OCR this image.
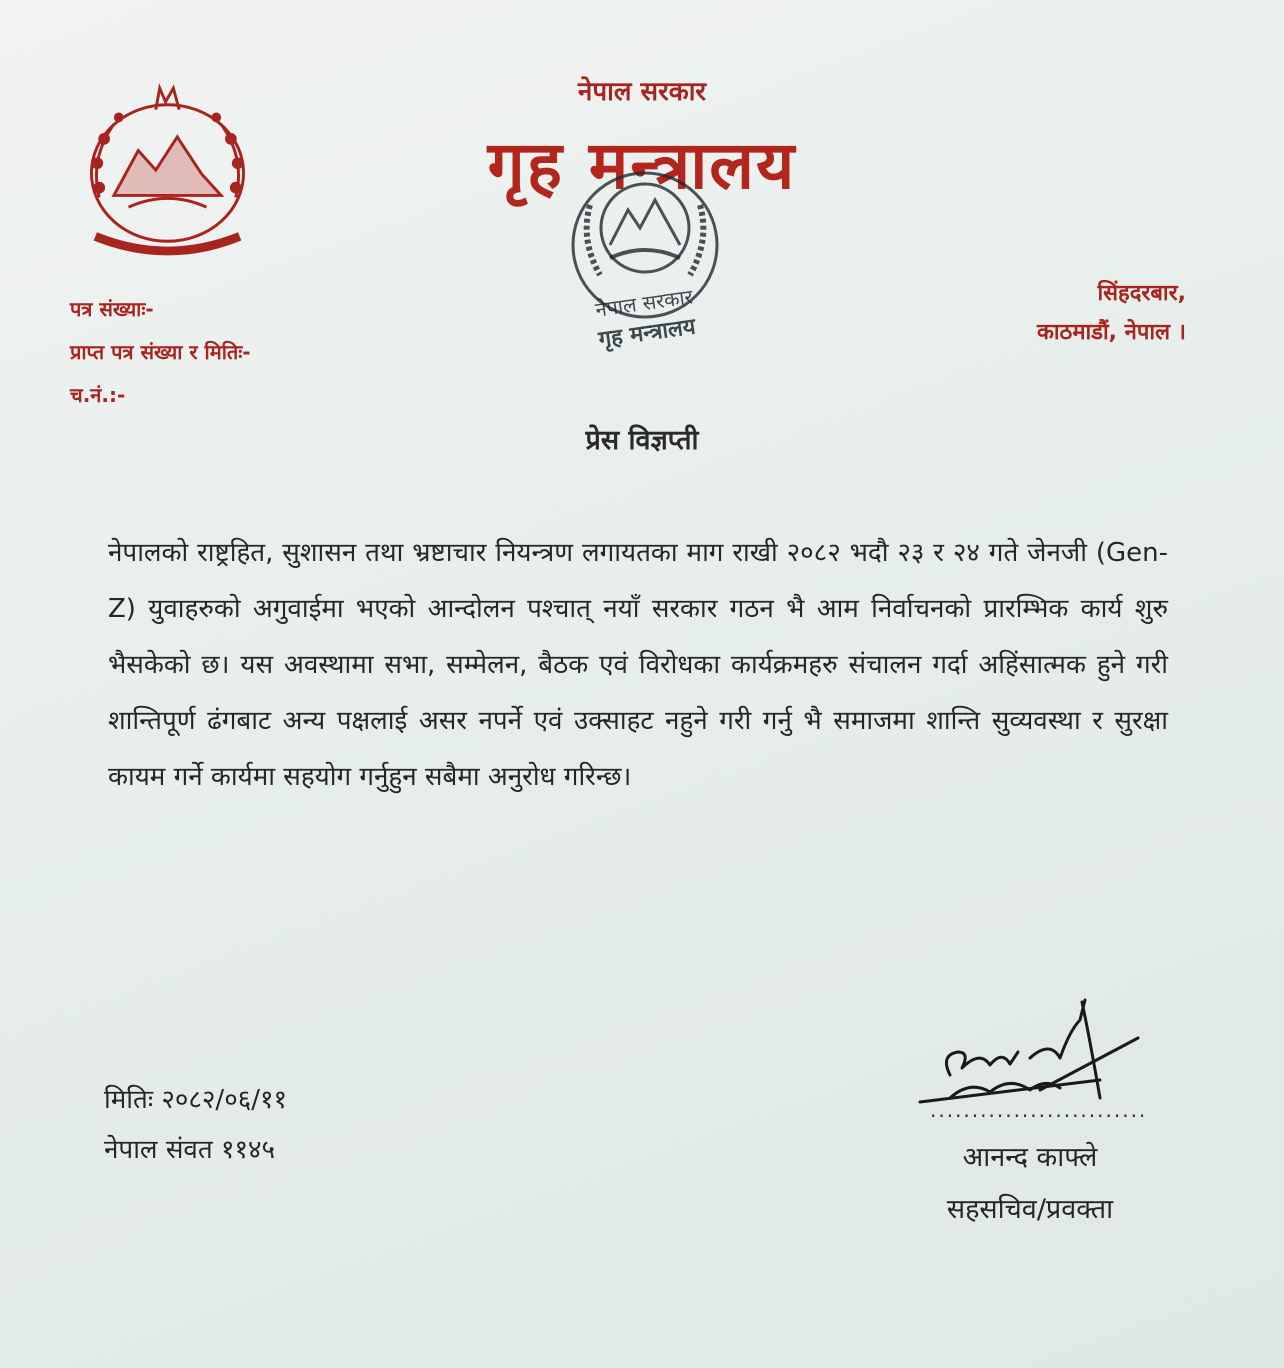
नेपाल सरकार
गृह मन्त्रालय
नेपाल सरकार
गृह मन्त्रालय
पत्र संख्याः-
प्राप्त पत्र संख्या र मितिः-
च.नं.:-
सिंहदरबार,
काठमाडौं, नेपाल ।
प्रेस विज्ञप्ती
नेपालको राष्ट्रहित, सुशासन तथा भ्रष्टाचार नियन्त्रण लगायतका माग राखी २०८२ भदौ २३ र २४ गते जेनजी (Gen-Z) युवाहरुको अगुवाईमा भएको आन्दोलन पश्चात् नयाँ सरकार गठन भै आम निर्वाचनको प्रारम्भिक कार्य शुरु भैसकेको छ। यस अवस्थामा सभा, सम्मेलन, बैठक एवं विरोधका कार्यक्रमहरु संचालन गर्दा अहिंसात्मक हुने गरी शान्तिपूर्ण ढंगबाट अन्य पक्षलाई असर नपर्ने एवं उक्साहट नहुने गरी गर्नु भै समाजमा शान्ति सुव्यवस्था र सुरक्षा कायम गर्ने कार्यमा सहयोग गर्नुहुन सबैमा अनुरोध गरिन्छ।
मितिः २०८२/०६/११
नेपाल संवत ११४५
..........................
आनन्द काफ्ले
सहसचिव/प्रवक्ता
